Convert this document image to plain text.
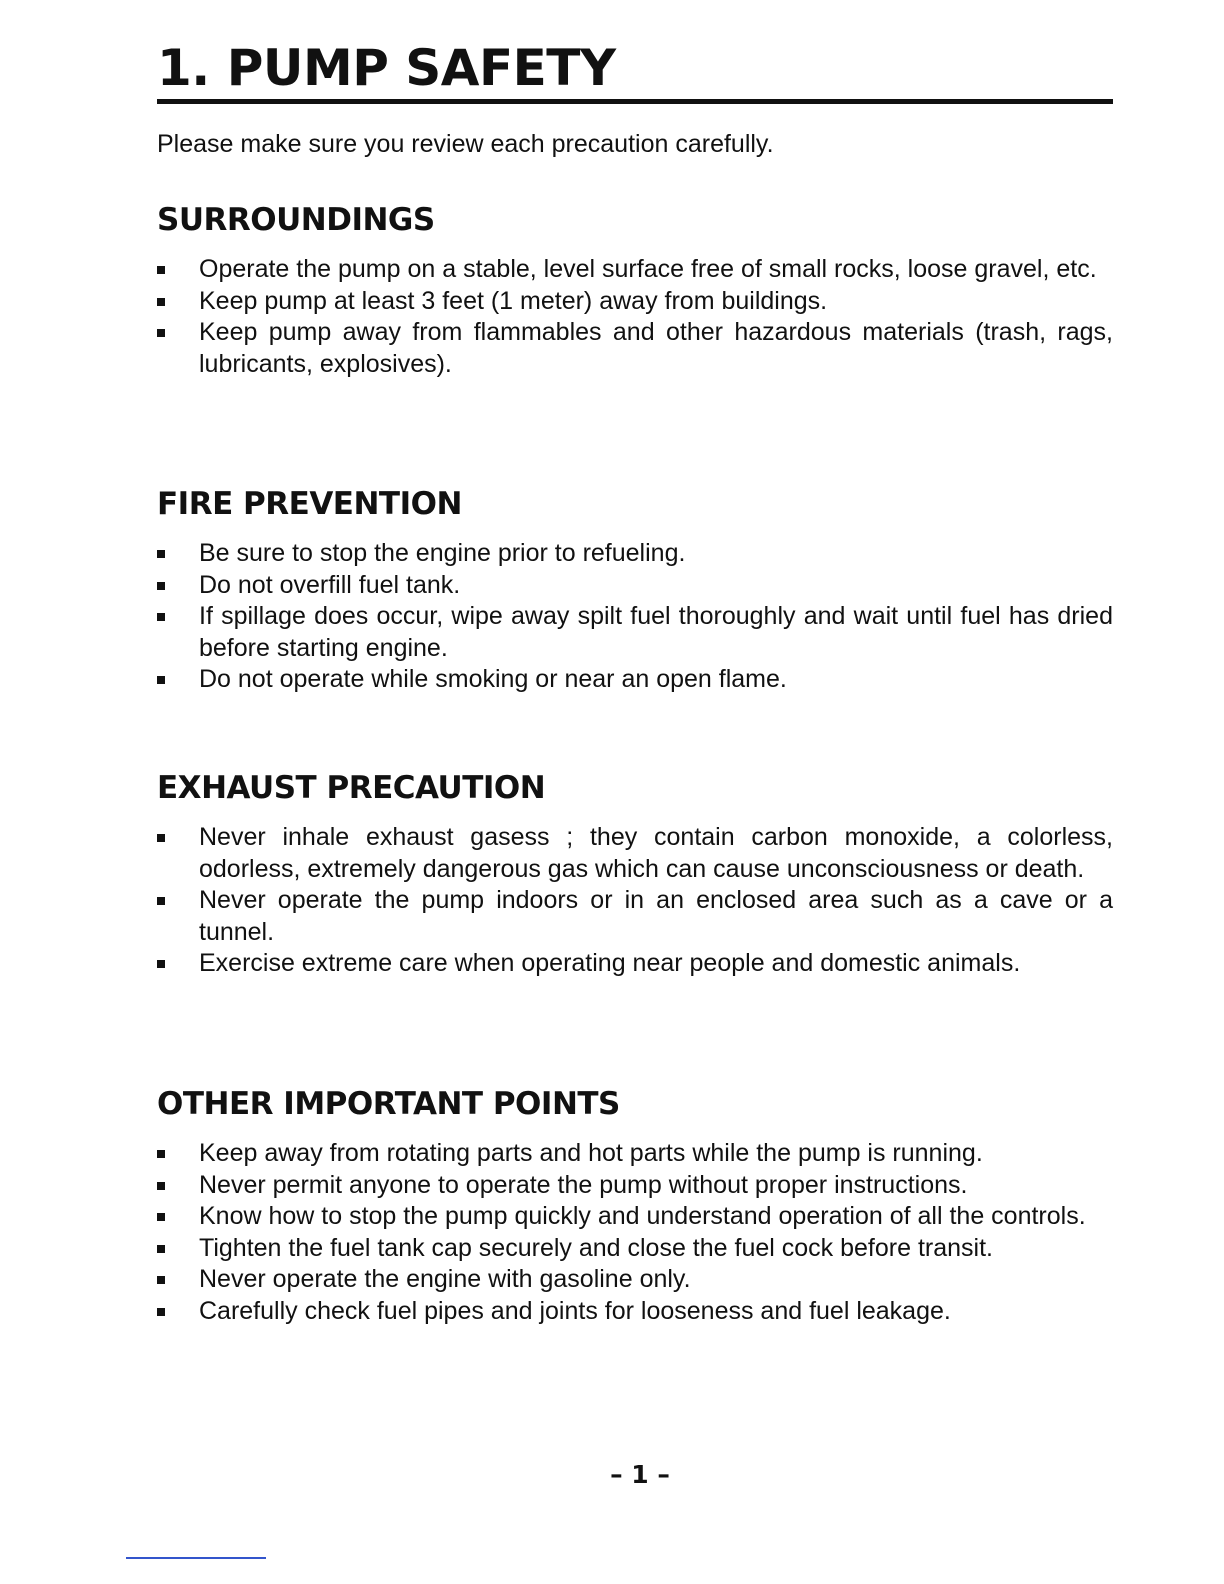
1. PUMP SAFETY

Please make sure you review each precaution carefully.

SURROUNDINGS
Operate the pump on a stable, level surface free of small rocks, loose gravel, etc.
Keep pump at least 3 feet (1 meter) away from buildings.
Keep pump away from flammables and other hazardous materials (trash, rags, lubricants, explosives).
FIRE PREVENTION
Be sure to stop the engine prior to refueling.
Do not overfill fuel tank.
If spillage does occur, wipe away spilt fuel thoroughly and wait until fuel has dried before starting engine.
Do not operate while smoking or near an open flame.
EXHAUST PRECAUTION
Never inhale exhaust gasess ; they contain carbon monoxide, a colorless, odorless, extremely dangerous gas which can cause unconsciousness or death.
Never operate the pump indoors or in an enclosed area such as a cave or a tunnel.
Exercise extreme care when operating near people and domestic animals.
OTHER IMPORTANT POINTS
Keep away from rotating parts and hot parts while the pump is running.
Never permit anyone to operate the pump without proper instructions.
Know how to stop the pump quickly and understand operation of all the controls.
Tighten the fuel tank cap securely and close the fuel cock before transit.
Never operate the engine with gasoline only.
Carefully check fuel pipes and joints for looseness and fuel leakage.
– 1 –
